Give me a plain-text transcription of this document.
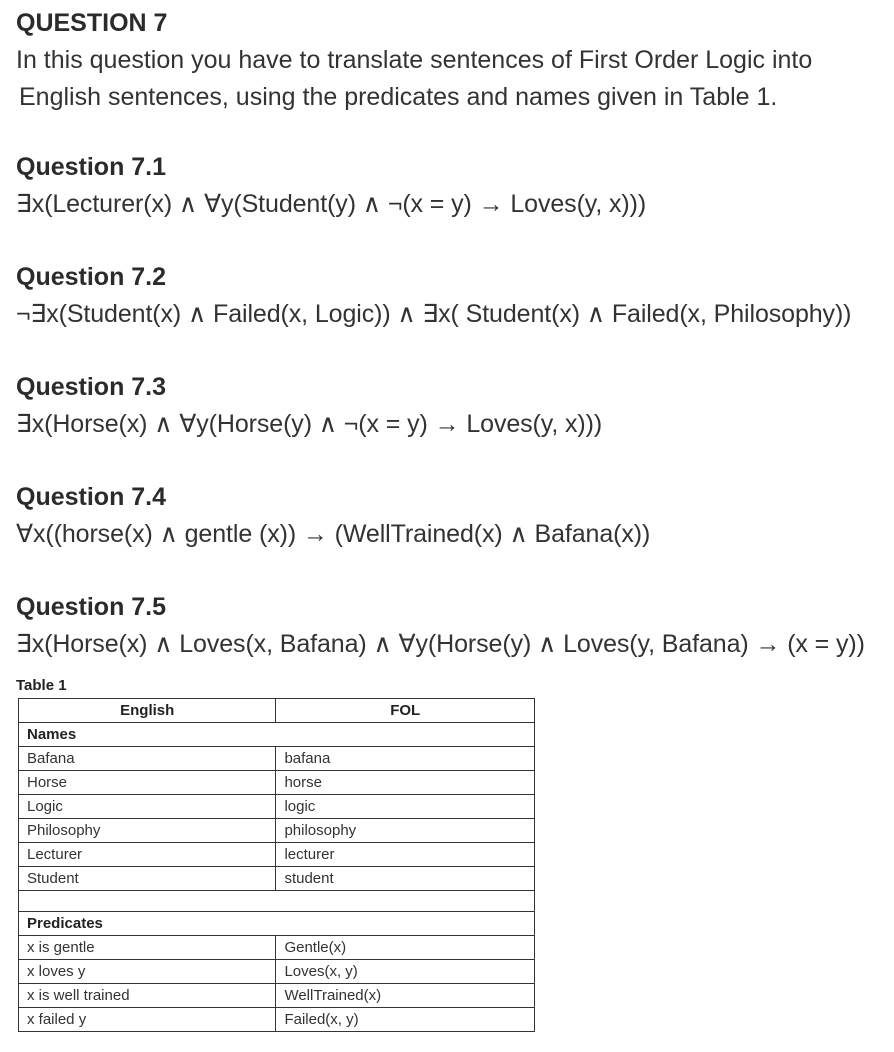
QUESTION 7

In this question you have to translate sentences of First Order Logic into
English sentences, using the predicates and names given in Table 1.

Question 7.1

∃x(Lecturer(x) ∧ ∀y(Student(y) ∧ ¬(x = y) → Loves(y, x)))

Question 7.2

¬∃x(Student(x) ∧ Failed(x, Logic)) ∧ ∃x( Student(x) ∧ Failed(x, Philosophy))

Question 7.3

∃x(Horse(x) ∧ ∀y(Horse(y) ∧ ¬(x = y) → Loves(y, x)))

Question 7.4

∀x((horse(x) ∧ gentle (x)) → (WellTrained(x) ∧ Bafana(x))

Question 7.5

∃x(Horse(x) ∧ Loves(x, Bafana) ∧ ∀y(Horse(y) ∧ Loves(y, Bafana) → (x = y))

Table 1

English	FOL
Names	
Bafana	bafana
Horse	horse
Logic	logic
Philosophy	philosophy
Lecturer	lecturer
Student	student

Predicates	
x is gentle	Gentle(x)
x loves y	Loves(x, y)
x is well trained	WellTrained(x)
x failed y	Failed(x, y)
